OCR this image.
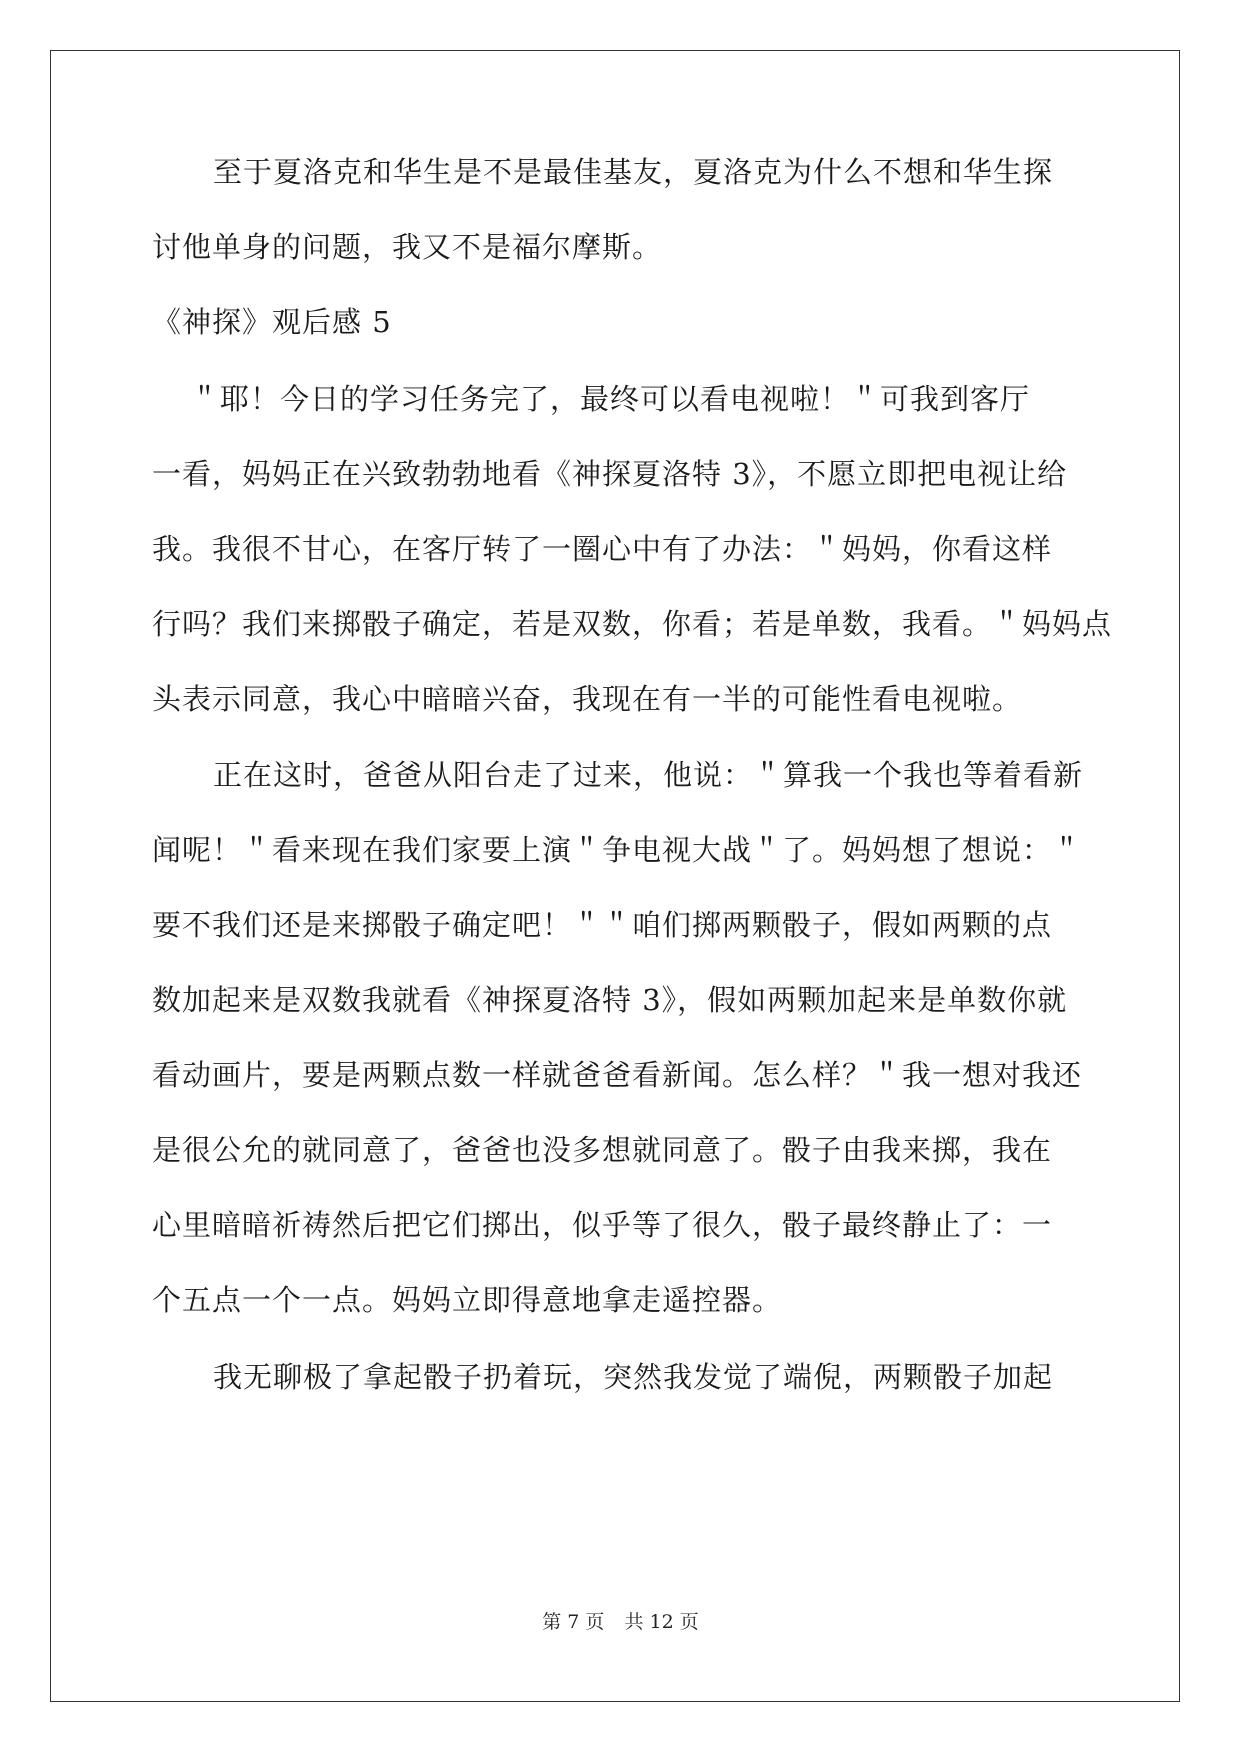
至于夏洛克和华生是不是最佳基友，夏洛克为什么不想和华生探
讨他单身的问题，我又不是福尔摩斯。
《神探》观后感 5
＂耶！今日的学习任务完了，最终可以看电视啦！＂可我到客厅
一看，妈妈正在兴致勃勃地看《神探夏洛特 3》，不愿立即把电视让给
我。我很不甘心，在客厅转了一圈心中有了办法：＂妈妈，你看这样
行吗？我们来掷骰子确定，若是双数，你看；若是单数，我看。＂妈妈点
头表示同意，我心中暗暗兴奋，我现在有一半的可能性看电视啦。
正在这时，爸爸从阳台走了过来，他说：＂算我一个我也等着看新
闻呢！＂看来现在我们家要上演＂争电视大战＂了。妈妈想了想说：＂
要不我们还是来掷骰子确定吧！＂＂咱们掷两颗骰子，假如两颗的点
数加起来是双数我就看《神探夏洛特 3》，假如两颗加起来是单数你就
看动画片，要是两颗点数一样就爸爸看新闻。怎么样？＂我一想对我还
是很公允的就同意了，爸爸也没多想就同意了。骰子由我来掷，我在
心里暗暗祈祷然后把它们掷出，似乎等了很久，骰子最终静止了：一
个五点一个一点。妈妈立即得意地拿走遥控器。
我无聊极了拿起骰子扔着玩，突然我发觉了端倪，两颗骰子加起
第 7 页 共 12 页
